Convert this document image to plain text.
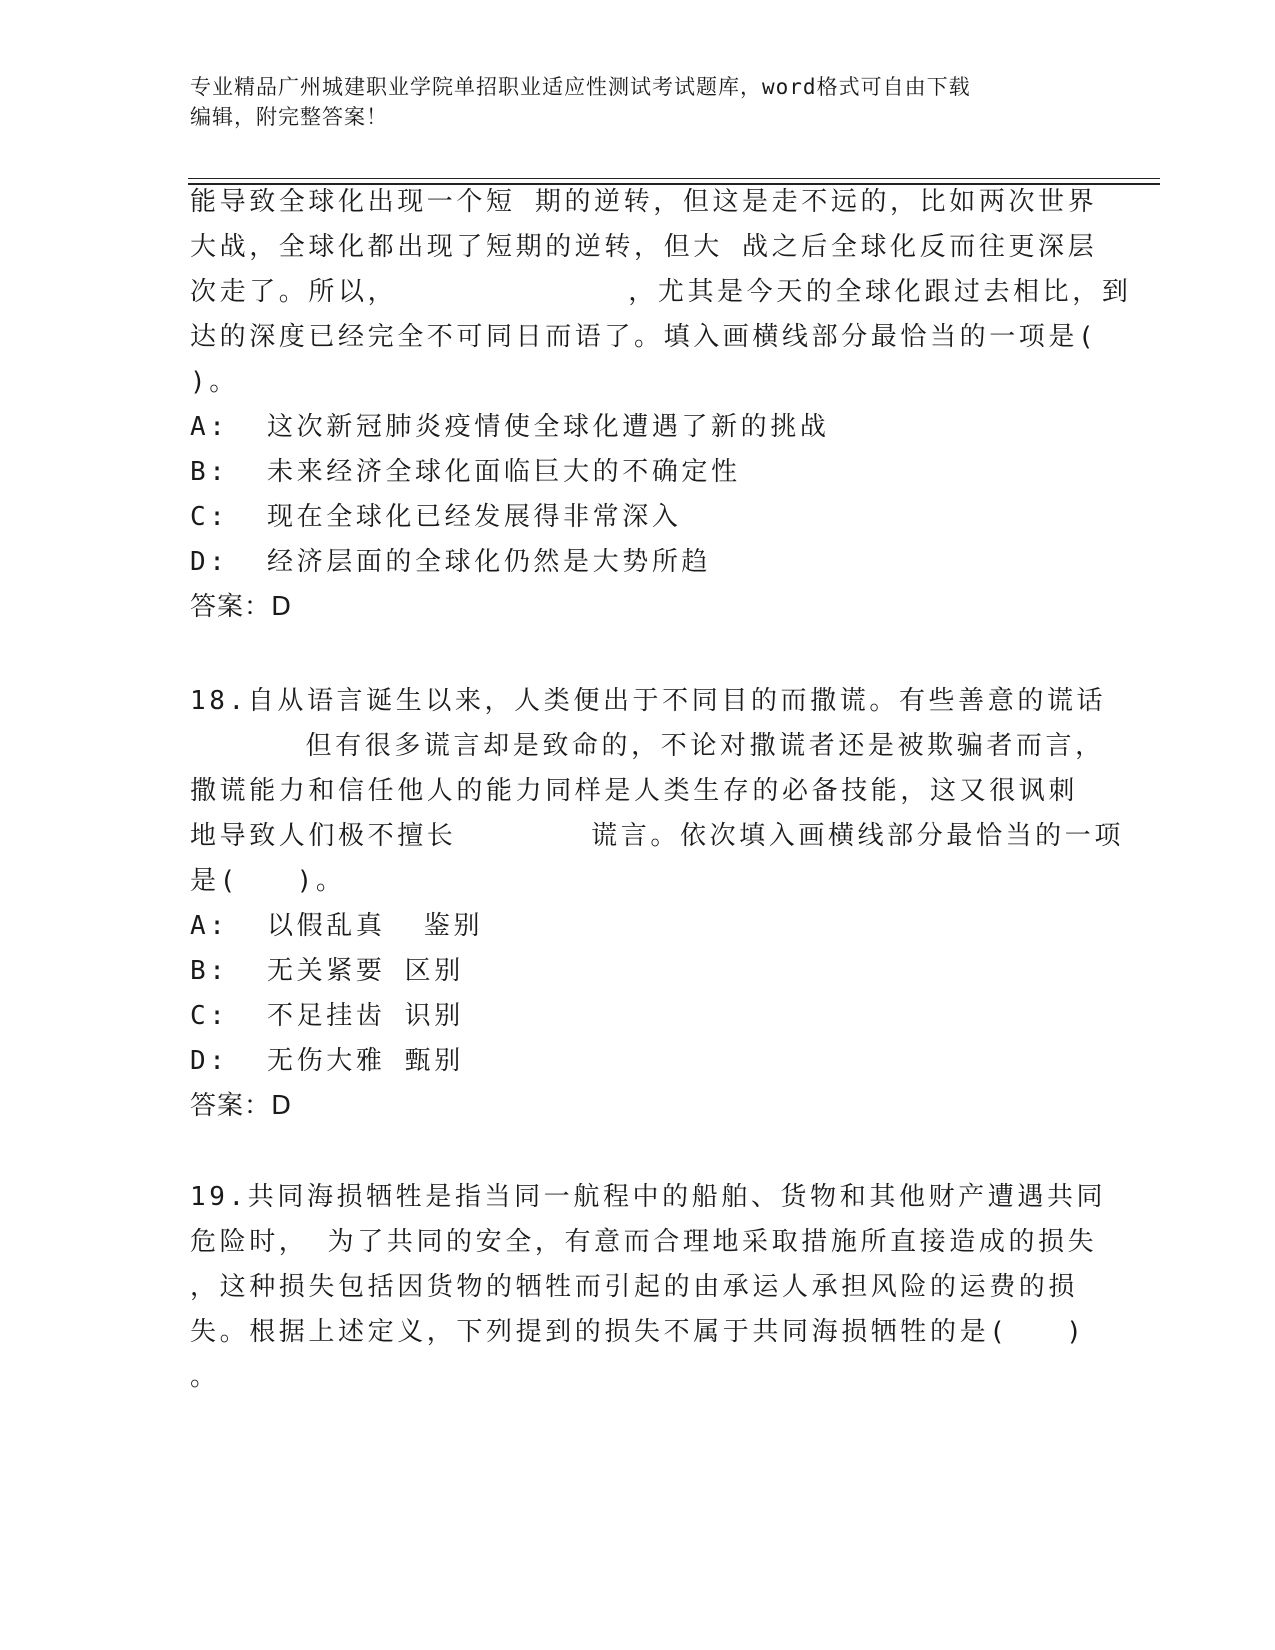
专业精品广州城建职业学院单招职业适应性测试考试题库，word格式可自由下载
编辑，附完整答案！
能导致全球化出现一个短 期的逆转，但这是走不远的，比如两次世界
大战，全球化都出现了短期的逆转，但大 战之后全球化反而往更深层
次走了。所以，            ，尤其是今天的全球化跟过去相比，到
达的深度已经完全不可同日而语了。填入画横线部分最恰当的一项是(
)。
A:  这次新冠肺炎疫情使全球化遭遇了新的挑战
B:  未来经济全球化面临巨大的不确定性
C:  现在全球化已经发展得非常深入
D:  经济层面的全球化仍然是大势所趋
答案：D
18.自从语言诞生以来，人类便出于不同目的而撒谎。有些善意的谎话
但有很多谎言却是致命的，不论对撒谎者还是被欺骗者而言，
撒谎能力和信任他人的能力同样是人类生存的必备技能，这又很讽刺
地导致人们极不擅长       谎言。依次填入画横线部分最恰当的一项
是(   )。
A:  以假乱真  鉴别
B:  无关紧要 区别
C:  不足挂齿 识别
D:  无伤大雅 甄别
答案：D
19.共同海损牺牲是指当同一航程中的船舶、货物和其他财产遭遇共同
危险时， 为了共同的安全，有意而合理地采取措施所直接造成的损失
，这种损失包括因货物的牺牲而引起的由承运人承担风险的运费的损
失。根据上述定义，下列提到的损失不属于共同海损牺牲的是(   )
。
